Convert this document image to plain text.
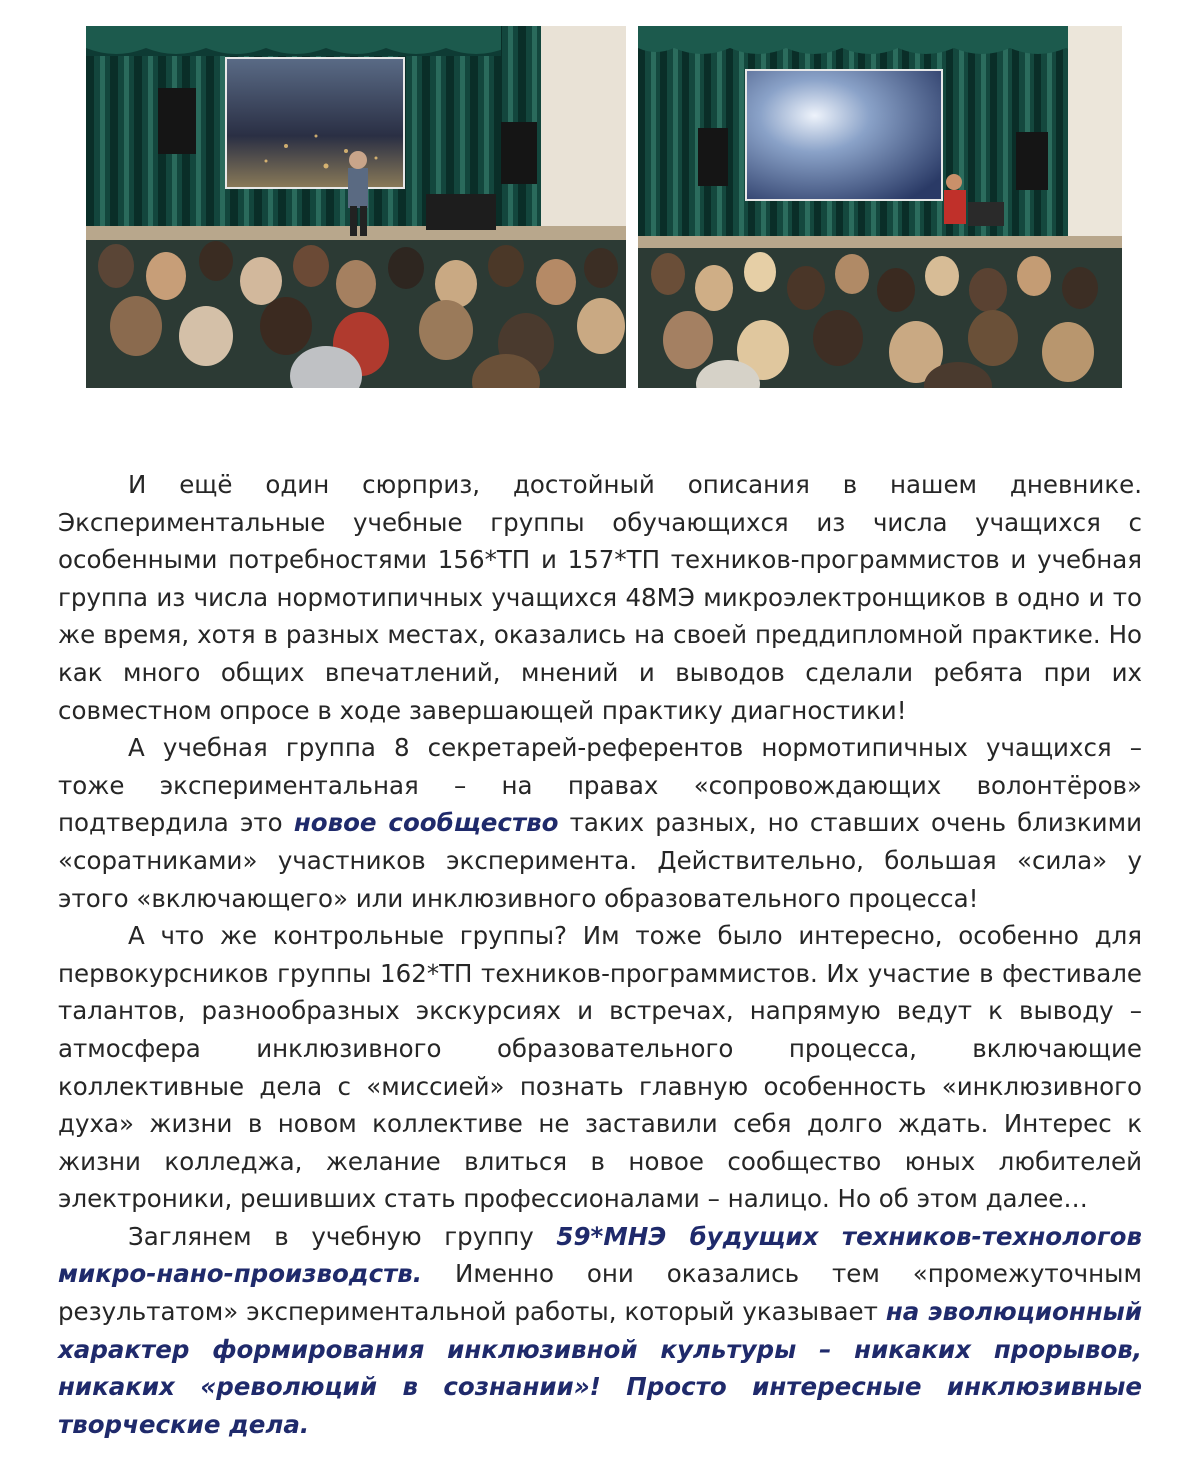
И ещё один сюрприз, достойный описания в нашем дневнике. Экспериментальные учебные группы обучающихся из числа учащихся с особенными потребностями 156*ТП и 157*ТП техников-программистов и учебная группа из числа нормотипичных учащихся 48МЭ микроэлектронщиков в одно и то же время, хотя в разных местах, оказались на своей преддипломной практике. Но как много общих впечатлений, мнений и выводов сделали ребята при их совместном опросе в ходе завершающей практику диагностики!

А учебная группа 8 секретарей-референтов нормотипичных учащихся – тоже экспериментальная – на правах «сопровождающих волонтёров» подтвердила это новое сообщество таких разных, но ставших очень близкими «соратниками» участников эксперимента. Действительно, большая «сила» у этого «включающего» или инклюзивного образовательного процесса!

А что же контрольные группы? Им тоже было интересно, особенно для первокурсников группы 162*ТП техников-программистов. Их участие в фестивале талантов, разнообразных экскурсиях и встречах, напрямую ведут к выводу – атмосфера инклюзивного образовательного процесса, включающие коллективные дела с «миссией» познать главную особенность «инклюзивного духа» жизни в новом коллективе не заставили себя долго ждать. Интерес к жизни колледжа, желание влиться в новое сообщество юных любителей электроники, решивших стать профессионалами – налицо. Но об этом далее…

Заглянем в учебную группу 59*МНЭ будущих техников-технологов микро-нано-производств. Именно они оказались тем «промежуточным результатом» экспериментальной работы, который указывает на эволюционный характер формирования инклюзивной культуры – никаких прорывов, никаких «революций в сознании»! Просто интересные инклюзивные творческие дела.
